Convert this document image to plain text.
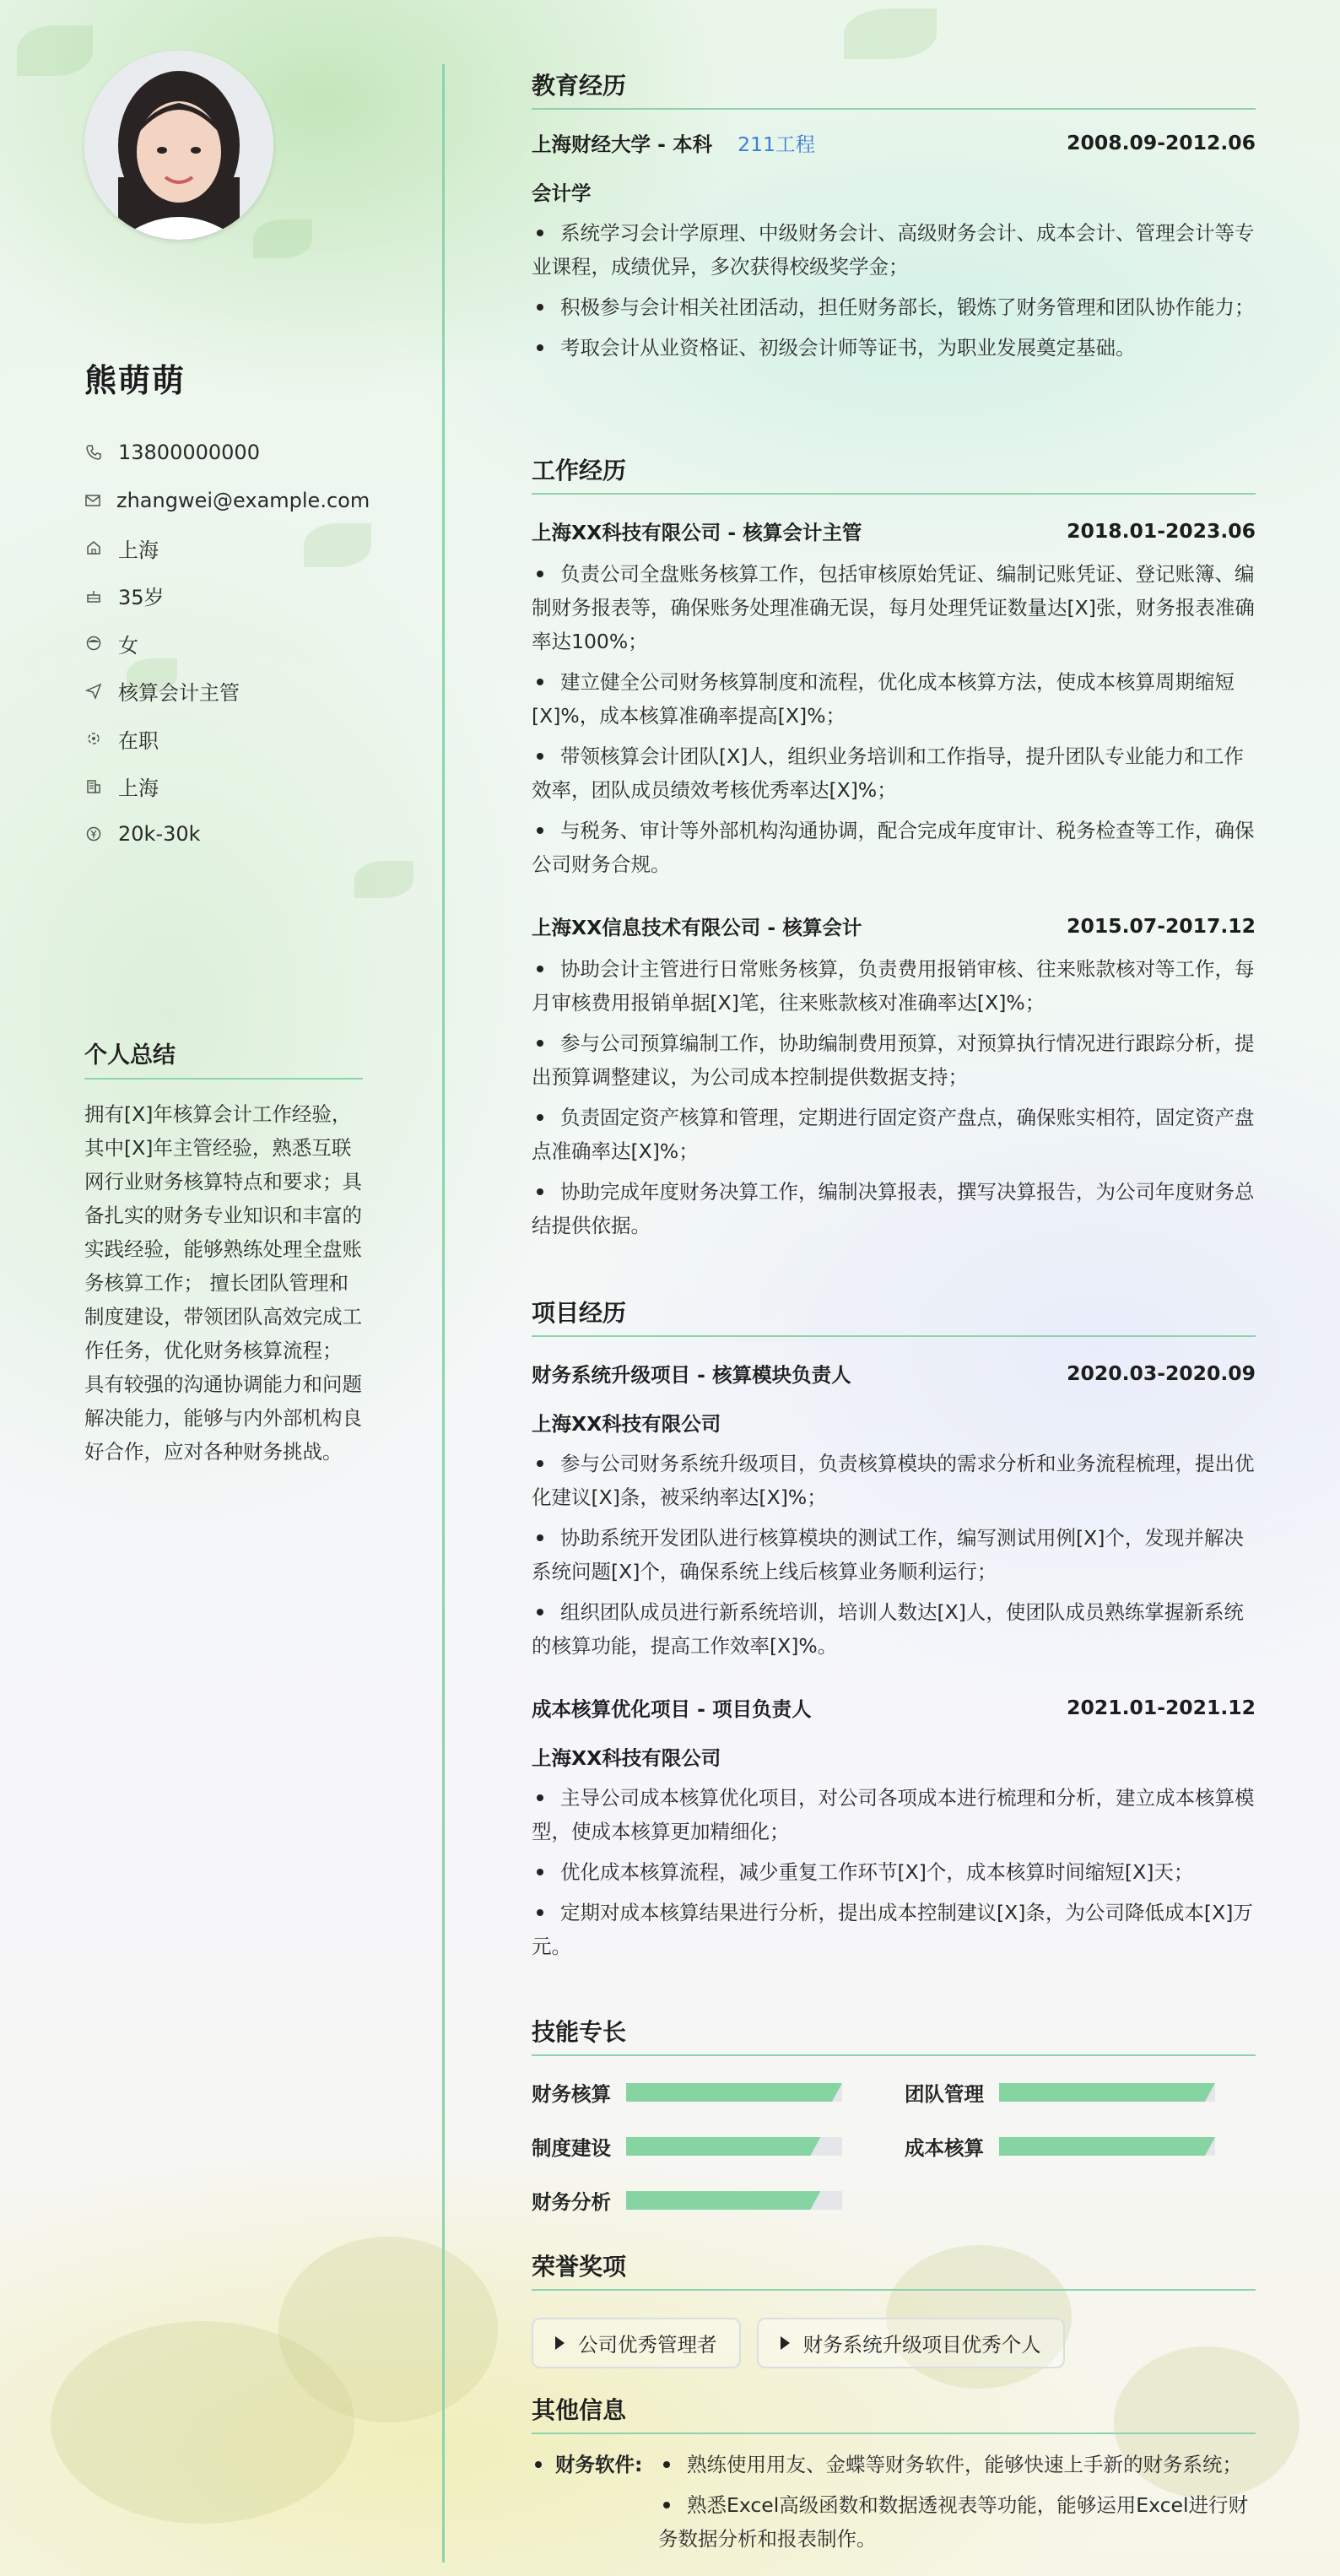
熊萌萌
13800000000
zhangwei@example.com
上海
35岁
女
核算会计主管
在职
上海
20k-30k
个人总结
拥有[X]年核算会计工作经验，其中[X]年主管经验，熟悉互联网行业财务核算特点和要求；具备扎实的财务专业知识和丰富的实践经验，能够熟练处理全盘账务核算工作； 擅长团队管理和制度建设，带领团队高效完成工作任务，优化财务核算流程； 具有较强的沟通协调能力和问题解决能力，能够与内外部机构良好合作，应对各种财务挑战。
教育经历
上海财经大学 - 本科 211工程	2008.09-2012.06
会计学
系统学习会计学原理、中级财务会计、高级财务会计、成本会计、管理会计等专业课程，成绩优异，多次获得校级奖学金；
积极参与会计相关社团活动，担任财务部长，锻炼了财务管理和团队协作能力；
考取会计从业资格证、初级会计师等证书，为职业发展奠定基础。
工作经历
上海XX科技有限公司 - 核算会计主管	2018.01-2023.06
负责公司全盘账务核算工作，包括审核原始凭证、编制记账凭证、登记账簿、编制财务报表等，确保账务处理准确无误，每月处理凭证数量达[X]张，财务报表准确率达100%；
建立健全公司财务核算制度和流程，优化成本核算方法，使成本核算周期缩短[X]%，成本核算准确率提高[X]%；
带领核算会计团队[X]人，组织业务培训和工作指导，提升团队专业能力和工作效率，团队成员绩效考核优秀率达[X]%；
与税务、审计等外部机构沟通协调，配合完成年度审计、税务检查等工作，确保公司财务合规。
上海XX信息技术有限公司 - 核算会计	2015.07-2017.12
协助会计主管进行日常账务核算，负责费用报销审核、往来账款核对等工作，每月审核费用报销单据[X]笔，往来账款核对准确率达[X]%；
参与公司预算编制工作，协助编制费用预算，对预算执行情况进行跟踪分析，提出预算调整建议，为公司成本控制提供数据支持；
负责固定资产核算和管理，定期进行固定资产盘点，确保账实相符，固定资产盘点准确率达[X]%；
协助完成年度财务决算工作，编制决算报表，撰写决算报告，为公司年度财务总结提供依据。
项目经历
财务系统升级项目 - 核算模块负责人	2020.03-2020.09
上海XX科技有限公司
参与公司财务系统升级项目，负责核算模块的需求分析和业务流程梳理，提出优化建议[X]条，被采纳率达[X]%；
协助系统开发团队进行核算模块的测试工作，编写测试用例[X]个，发现并解决系统问题[X]个，确保系统上线后核算业务顺利运行；
组织团队成员进行新系统培训，培训人数达[X]人，使团队成员熟练掌握新系统的核算功能，提高工作效率[X]%。
成本核算优化项目 - 项目负责人	2021.01-2021.12
上海XX科技有限公司
主导公司成本核算优化项目，对公司各项成本进行梳理和分析，建立成本核算模型，使成本核算更加精细化；
优化成本核算流程，减少重复工作环节[X]个，成本核算时间缩短[X]天；
定期对成本核算结果进行分析，提出成本控制建议[X]条，为公司降低成本[X]万元。
技能专长
财务核算	团队管理
制度建设	成本核算
财务分析
荣誉奖项
公司优秀管理者
	财务系统升级项目优秀个人
其他信息
财务软件:	熟练使用用友、金蝶等财务软件，能够快速上手新的财务系统；
熟悉Excel高级函数和数据透视表等功能，能够运用Excel进行财务数据分析和报表制作。
